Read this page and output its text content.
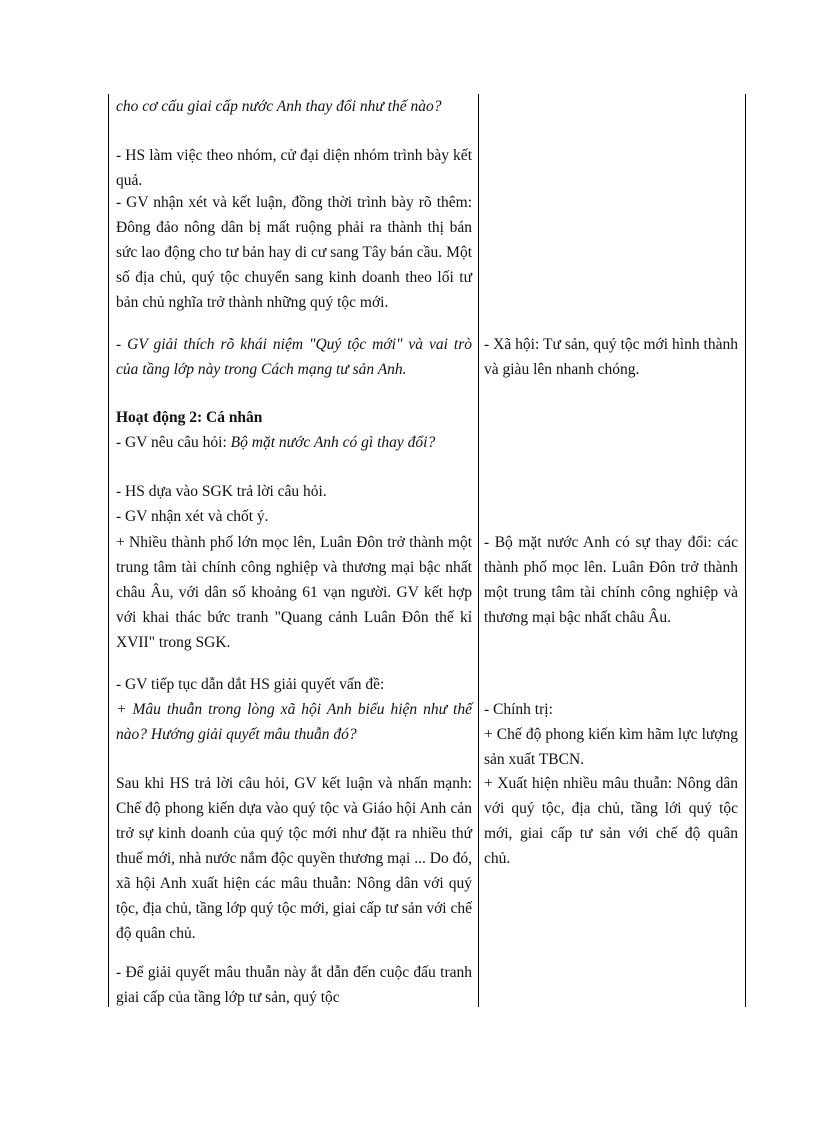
cho cơ cấu giai cấp nước Anh thay đổi như thế nào?

- HS làm việc theo nhóm, cử đại diện nhóm trình bày kết quả.

- GV nhận xét và kết luận, đồng thời trình bày rõ thêm: Đông đảo nông dân bị mất ruộng phải ra thành thị bán sức lao động cho tư bản hay di cư sang Tây bán cầu. Một số địa chủ, quý tộc chuyển sang kinh doanh theo lối tư bản chủ nghĩa trở thành những quý tộc mới.

- GV giải thích rõ khái niệm "Quý tộc mới" và vai trò của tầng lớp này trong Cách mạng tư sản Anh.

Hoạt động 2: Cá nhân

- GV nêu câu hỏi: Bộ mặt nước Anh có gì thay đổi?

- HS dựa vào SGK trả lời câu hỏi.

- GV nhận xét và chốt ý.

+ Nhiều thành phố lớn mọc lên, Luân Đôn trở thành một trung tâm tài chính công nghiệp và thương mại bậc nhất châu Âu, với dân số khoảng 61 vạn người. GV kết hợp với khai thác bức tranh "Quang cảnh Luân Đôn thế kỉ XVII" trong SGK.

- GV tiếp tục dẫn dắt HS giải quyết vấn đề:

+ Mâu thuẫn trong lòng xã hội Anh biểu hiện như thế nào? Hướng giải quyết mâu thuẫn đó?

Sau khi HS trả lời câu hỏi, GV kết luận và nhấn mạnh: Chế độ phong kiến dựa vào quý tộc và Giáo hội Anh cản trở sự kinh doanh của quý tộc mới như đặt ra nhiều thứ thuế mới, nhà nước nắm độc quyền thương mại ... Do đó, xã hội Anh xuất hiện các mâu thuẫn: Nông dân với quý tộc, địa chủ, tầng lớp quý tộc mới, giai cấp tư sản với chế độ quân chủ.

- Để giải quyết mâu thuẫn này ắt dẫn đến cuộc đấu tranh giai cấp của tầng lớp tư sản, quý tộc

- Xã hội: Tư sản, quý tộc mới hình thành và giàu lên nhanh chóng.

- Bộ mặt nước Anh có sự thay đổi: các thành phố mọc lên. Luân Đôn trở thành một trung tâm tài chính công nghiệp và thương mại bậc nhất châu Âu.

- Chính trị:

+ Chế độ phong kiến kìm hãm lực lượng sản xuất TBCN.

+ Xuất hiện nhiều mâu thuẫn: Nông dân với quý tộc, địa chủ, tầng lới quý tộc mới, giai cấp tư sản với chế độ quân chủ.
